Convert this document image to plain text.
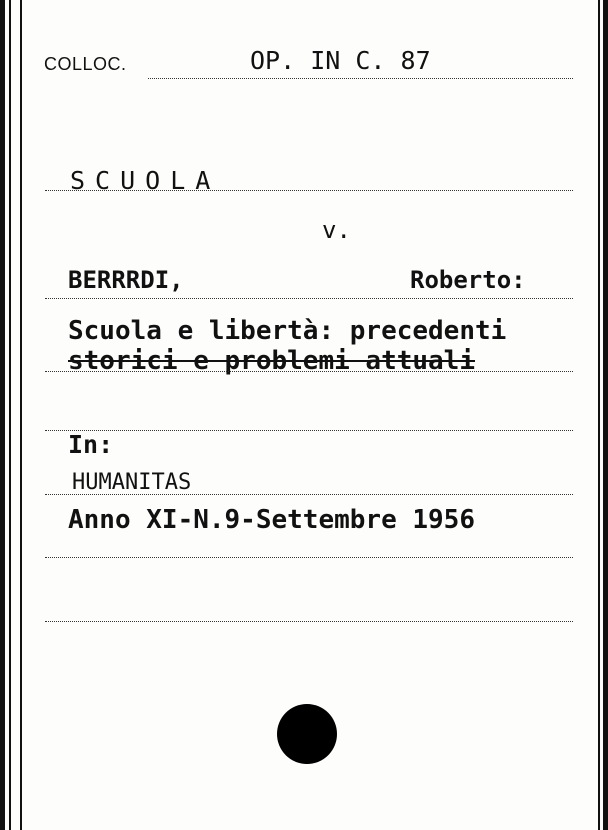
COLLOC.	OP. IN C. 87
SCUOLA
v.
BERRRDI,	Roberto:
Scuola e libertà: precedenti
storici e problemi attuali
In:
HUMANITAS
Anno XI-N.9-Settembre 1956
